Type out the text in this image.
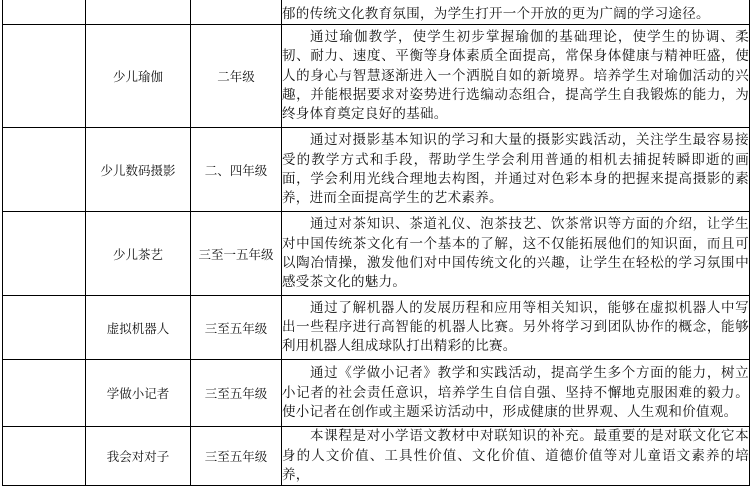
			郁的传统文化教育氛围，为学生打开一个开放的更为广阔的学习途径。

	少儿瑜伽	二年级	通过瑜伽教学，使学生初步掌握瑜伽的基础理论，使学生的协调、柔韧、耐力、速度、平衡等身体素质全面提高，常保身体健康与精神旺盛，使人的身心与智慧逐渐进入一个洒脱自如的新境界。培养学生对瑜伽活动的兴趣，并能根据要求对姿势进行选编动态组合，提高学生自我锻炼的能力，为终身体育奠定良好的基础。

	少儿数码摄影	二、四年级	通过对摄影基本知识的学习和大量的摄影实践活动，关注学生最容易接受的教学方式和手段，帮助学生学会利用普通的相机去捕捉转瞬即逝的画面，学会利用光线合理地去构图，并通过对色彩本身的把握来提高摄影的素养，进而全面提高学生的艺术素养。

	少儿茶艺	三至一五年级	通过对茶知识、茶道礼仪、泡茶技艺、饮茶常识等方面的介绍，让学生对中国传统茶文化有一个基本的了解，这不仅能拓展他们的知识面，而且可以陶冶情操，激发他们对中国传统文化的兴趣，让学生在轻松的学习氛围中感受茶文化的魅力。

	虚拟机器人	三至五年级	通过了解机器人的发展历程和应用等相关知识，能够在虚拟机器人中写出一些程序进行高智能的机器人比赛。另外将学习到团队协作的概念，能够利用机器人组成球队打出精彩的比赛。

	学做小记者	三至五年级	通过《学做小记者》教学和实践活动，提高学生多个方面的能力，树立小记者的社会责任意识，培养学生自信自强、坚持不懈地克服困难的毅力。使小记者在创作或主题采访活动中，形成健康的世界观、人生观和价值观。

	我会对对子	三至五年级	本课程是对小学语文教材中对联知识的补充。最重要的是对联文化它本身的人文价值、工具性价值、文化价值、道德价值等对儿童语文素养的培养，
